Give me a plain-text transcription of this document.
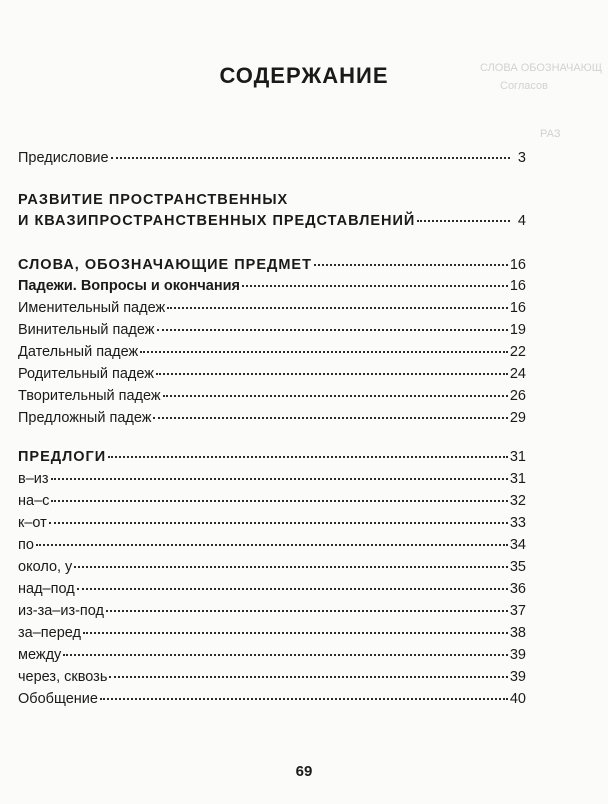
СЛОВА ОБОЗНАЧАЮЩ
Согласов
РАЗ
СОДЕРЖАНИЕ
Предисловие	3
РАЗВИТИЕ ПРОСТРАНСТВЕННЫХ
И КВАЗИПРОСТРАНСТВЕННЫХ ПРЕДСТАВЛЕНИЙ	4
СЛОВА, ОБОЗНАЧАЮЩИЕ ПРЕДМЕТ	16
Падежи. Вопросы и окончания	16
Именительный падеж	16
Винительный падеж	19
Дательный падеж	22
Родительный падеж	24
Творительный падеж	26
Предложный падеж	29
ПРЕДЛОГИ	31
в–из	31
на–с	32
к–от	33
по	34
около, у	35
над–под	36
из-за–из-под	37
за–перед	38
между	39
через, сквозь	39
Обобщение	40
69
